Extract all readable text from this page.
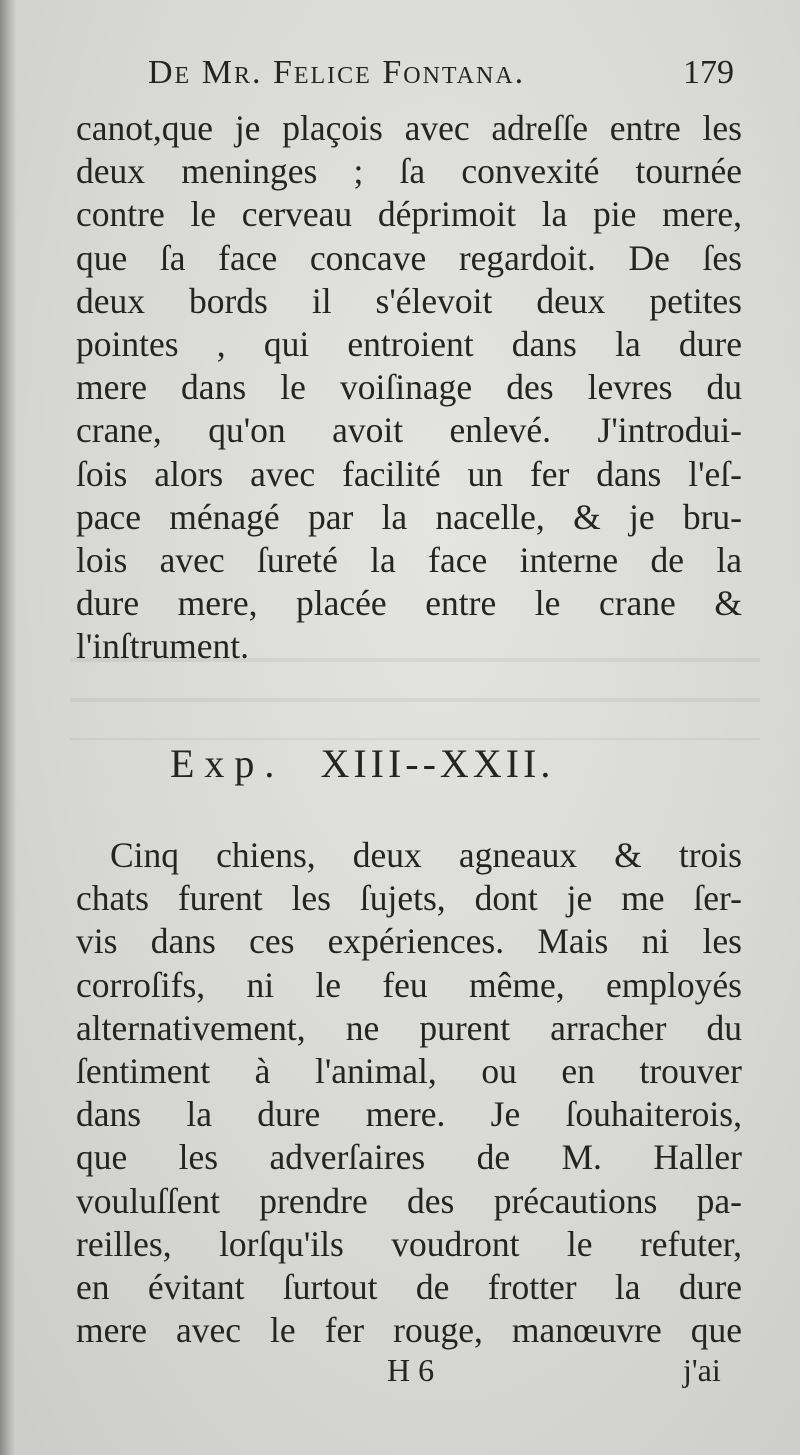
De Mr. Felice Fontana.	179
canot,que je plaçois avec adreſſe entre les
deux meninges ; ſa convexité tournée
contre le cerveau déprimoit la pie mere,
que ſa face concave regardoit. De ſes
deux bords il s'élevoit deux petites
pointes , qui entroient dans la dure
mere dans le voiſinage des levres du
crane, qu'on avoit enlevé. J'introdui-
ſois alors avec facilité un fer dans l'eſ-
pace ménagé par la nacelle, & je bru-
lois avec ſureté la face interne de la
dure mere, placée entre le crane &
l'inſtrument.
Exp. XIII--XXII.
Cinq chiens, deux agneaux & trois
chats furent les ſujets, dont je me ſer-
vis dans ces expériences. Mais ni les
corroſifs, ni le feu même, employés
alternativement, ne purent arracher du
ſentiment à l'animal, ou en trouver
dans la dure mere. Je ſouhaiterois,
que les adverſaires de M. Haller
vouluſſent prendre des précautions pa-
reilles, lorſqu'ils voudront le refuter,
en évitant ſurtout de frotter la dure
mere avec le fer rouge, manœuvre que
H 6	j'ai
